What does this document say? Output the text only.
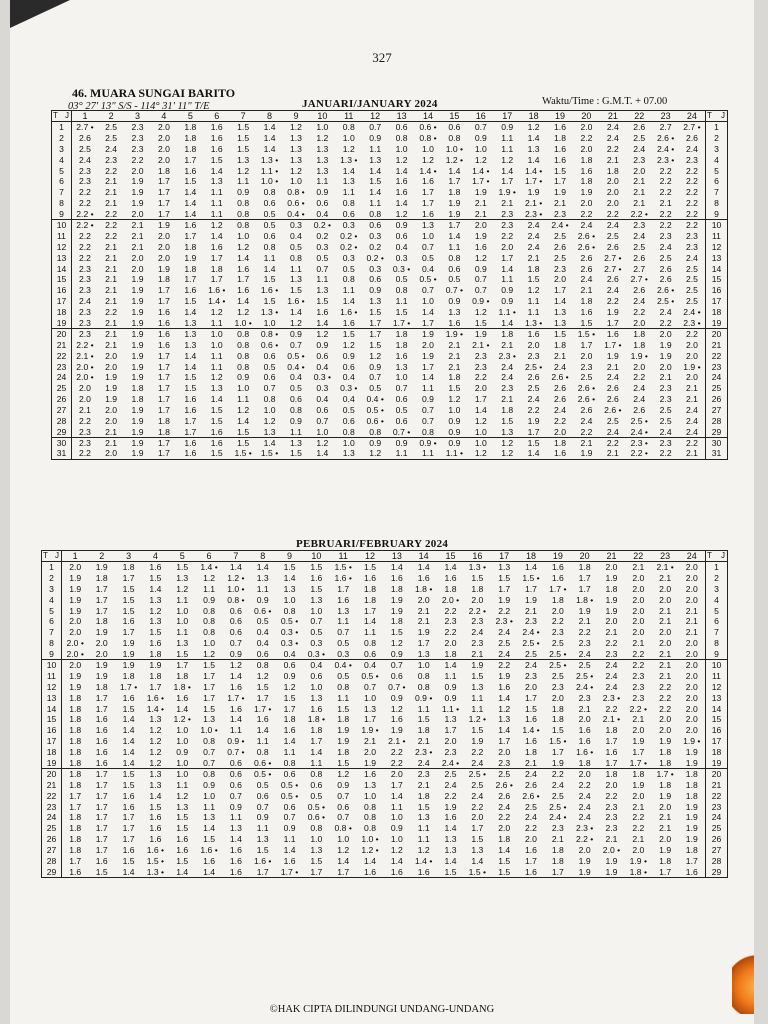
327
46. MUARA SUNGAI BARITO
03° 27' 13" S/S - 114° 31' 11" T/E	JANUARI/JANUARY 2024	Waktu/Time : G.M.T. + 07.00
J
T	1	2	3	4	5	6	7	8	9	10	11	12	13	14	15	16	17	18	19	20	21	22	23	24	J
T

1	2.7 •	2.5	2.3	2.0	1.8	1.6	1.5	1.4	1.2	1.0	0.8	0.7	0.6	0.6 •	0.6	0.7	0.9	1.2	1.6	2.0	2.4	2.6	2.7	2.7 •	1
2	2.6	2.5	2.3	2.0	1.8	1.6	1.5	1.4	1.3	1.2	1.0	0.9	0.8	0.8 •	0.8	0.9	1.1	1.4	1.8	2.2	2.4	2.5	2.6 •	2.6	2
3	2.5	2.4	2.3	2.0	1.8	1.6	1.5	1.4	1.3	1.3	1.2	1.1	1.0	1.0	1.0 •	1.0	1.1	1.3	1.6	2.0	2.2	2.4	2.4 •	2.4	3
4	2.4	2.3	2.2	2.0	1.7	1.5	1.3	1.3 •	1.3	1.3	1.3 •	1.3	1.2	1.2	1.2 •	1.2	1.2	1.4	1.6	1.8	2.1	2.3	2.3 •	2.3	4
5	2.3	2.2	2.0	1.8	1.6	1.4	1.2	1.1 •	1.2	1.3	1.4	1.4	1.4	1.4 •	1.4	1.4 •	1.4	1.4 •	1.5	1.6	1.8	2.0	2.2	2.2	5
6	2.3	2.1	1.9	1.7	1.5	1.3	1.1	1.0 •	1.0	1.1	1.3	1.5	1.6	1.6	1.7	1.7 •	1.7	1.7 •	1.7	1.8	2.0	2.1	2.2	2.2	6
7	2.2	2.1	1.9	1.7	1.4	1.1	0.9	0.8	0.8 •	0.9	1.1	1.4	1.6	1.7	1.8	1.9	1.9 •	1.9	1.9	1.9	2.0	2.1	2.2	2.2	7
8	2.2	2.1	1.9	1.7	1.4	1.1	0.8	0.6	0.6 •	0.6	0.8	1.1	1.4	1.7	1.9	2.1	2.1	2.1 •	2.1	2.0	2.0	2.1	2.1	2.2	8
9	2.2 •	2.2	2.0	1.7	1.4	1.1	0.8	0.5	0.4 •	0.4	0.6	0.8	1.2	1.6	1.9	2.1	2.3	2.3 •	2.3	2.2	2.2	2.2 •	2.2	2.2	9
10	2.2 •	2.2	2.1	1.9	1.6	1.2	0.8	0.5	0.3	0.2 •	0.3	0.6	0.9	1.3	1.7	2.0	2.3	2.4	2.4 •	2.4	2.4	2.3	2.2	2.2	10
11	2.2	2.2	2.1	2.0	1.7	1.4	1.0	0.6	0.4	0.2	0.2 •	0.3	0.6	1.0	1.4	1.9	2.2	2.4	2.5	2.6 •	2.5	2.4	2.3	2.3	11
12	2.2	2.1	2.1	2.0	1.8	1.6	1.2	0.8	0.5	0.3	0.2 •	0.2	0.4	0.7	1.1	1.6	2.0	2.4	2.6	2.6 •	2.6	2.5	2.4	2.3	12
13	2.2	2.1	2.0	2.0	1.9	1.7	1.4	1.1	0.8	0.5	0.3	0.2 •	0.3	0.5	0.8	1.2	1.7	2.1	2.5	2.6	2.7 •	2.6	2.5	2.4	13
14	2.3	2.1	2.0	1.9	1.8	1.8	1.6	1.4	1.1	0.7	0.5	0.3	0.3 •	0.4	0.6	0.9	1.4	1.8	2.3	2.6	2.7 •	2.7	2.6	2.5	14
15	2.3	2.1	1.9	1.8	1.7	1.7	1.7	1.5	1.3	1.1	0.8	0.6	0.5	0.5 •	0.5	0.7	1.1	1.5	2.0	2.4	2.6	2.7 •	2.6	2.5	15
16	2.3	2.1	1.9	1.7	1.6	1.6 •	1.6	1.6 •	1.5	1.3	1.1	0.9	0.8	0.7	0.7 •	0.7	0.9	1.2	1.7	2.1	2.4	2.6	2.6 •	2.5	16
17	2.4	2.1	1.9	1.7	1.5	1.4 •	1.4	1.5	1.6 •	1.5	1.4	1.3	1.1	1.0	0.9	0.9 •	0.9	1.1	1.4	1.8	2.2	2.4	2.5 •	2.5	17
18	2.3	2.2	1.9	1.6	1.4	1.2	1.2	1.3 •	1.4	1.6	1.6 •	1.5	1.5	1.4	1.3	1.2	1.1 •	1.1	1.3	1.6	1.9	2.2	2.4	2.4 •	18
19	2.3	2.1	1.9	1.6	1.3	1.1	1.0 •	1.0	1.2	1.4	1.6	1.7	1.7 •	1.7	1.6	1.5	1.4	1.3 •	1.3	1.5	1.7	2.0	2.2	2.3 •	19
20	2.3	2.1	1.9	1.6	1.3	1.0	0.8	0.8 •	0.9	1.2	1.5	1.7	1.8	1.9	1.9 •	1.9	1.8	1.6	1.5	1.5 •	1.6	1.8	2.0	2.2	20
21	2.2 •	2.1	1.9	1.6	1.3	1.0	0.8	0.6 •	0.7	0.9	1.2	1.5	1.8	2.0	2.1	2.1 •	2.1	2.0	1.8	1.7	1.7 •	1.8	1.9	2.0	21
22	2.1 •	2.0	1.9	1.7	1.4	1.1	0.8	0.6	0.5 •	0.6	0.9	1.2	1.6	1.9	2.1	2.3	2.3 •	2.3	2.1	2.0	1.9	1.9 •	1.9	2.0	22
23	2.0 •	2.0	1.9	1.7	1.4	1.1	0.8	0.5	0.4 •	0.4	0.6	0.9	1.3	1.7	2.1	2.3	2.4	2.5 •	2.4	2.3	2.1	2.0	2.0	1.9 •	23
24	2.0 •	1.9	1.9	1.7	1.5	1.2	0.9	0.6	0.4	0.3 •	0.4	0.7	1.0	1.4	1.8	2.2	2.4	2.6	2.6 •	2.5	2.4	2.2	2.1	2.0	24
25	2.0	1.9	1.8	1.7	1.5	1.3	1.0	0.7	0.5	0.3	0.3 •	0.5	0.7	1.1	1.5	2.0	2.3	2.5	2.6	2.6 •	2.6	2.4	2.3	2.1	25
26	2.0	1.9	1.8	1.7	1.6	1.4	1.1	0.8	0.6	0.4	0.4	0.4 •	0.6	0.9	1.2	1.7	2.1	2.4	2.6	2.6 •	2.6	2.4	2.3	2.1	26
27	2.1	2.0	1.9	1.7	1.6	1.5	1.2	1.0	0.8	0.6	0.5	0.5 •	0.5	0.7	1.0	1.4	1.8	2.2	2.4	2.6	2.6 •	2.6	2.5	2.4	27
28	2.2	2.0	1.9	1.8	1.7	1.5	1.4	1.2	0.9	0.7	0.6	0.6 •	0.6	0.7	0.9	1.2	1.5	1.9	2.2	2.4	2.5	2.5 •	2.5	2.4	28
29	2.3	2.1	1.9	1.8	1.7	1.6	1.5	1.3	1.1	1.0	0.8	0.8	0.7 •	0.8	0.9	1.0	1.3	1.7	2.0	2.2	2.4	2.4 •	2.4	2.4	29
30	2.3	2.1	1.9	1.7	1.6	1.6	1.5	1.4	1.3	1.2	1.0	0.9	0.9	0.9 •	0.9	1.0	1.2	1.5	1.8	2.1	2.2	2.3 •	2.3	2.2	30
31	2.2	2.0	1.9	1.7	1.6	1.5	1.5 •	1.5 •	1.5	1.4	1.3	1.2	1.1	1.1	1.1 •	1.2	1.2	1.4	1.6	1.9	2.1	2.2 •	2.2	2.1	31
PEBRUARI/FEBRUARY 2024
J
T	1	2	3	4	5	6	7	8	9	10	11	12	13	14	15	16	17	18	19	20	21	22	23	24	J
T

1	2.0	1.9	1.8	1.6	1.5	1.4 •	1.4	1.4	1.5	1.5	1.5 •	1.5	1.4	1.4	1.4	1.3 •	1.3	1.4	1.6	1.8	2.0	2.1	2.1 •	2.0	1
2	1.9	1.8	1.7	1.5	1.3	1.2	1.2 •	1.3	1.4	1.6	1.6 •	1.6	1.6	1.6	1.6	1.5	1.5	1.5 •	1.6	1.7	1.9	2.0	2.1	2.0	2
3	1.9	1.7	1.5	1.4	1.2	1.1	1.0 •	1.1	1.3	1.5	1.7	1.8	1.8	1.8 •	1.8	1.8	1.7	1.7	1.7 •	1.7	1.8	2.0	2.0	2.0	3
4	1.9	1.7	1.5	1.3	1.1	0.9	0.8 •	0.9	1.0	1.3	1.6	1.8	1.9	2.0	2.0 •	2.0	1.9	1.9	1.8	1.8 •	1.9	2.0	2.0	2.0	4
5	1.9	1.7	1.5	1.2	1.0	0.8	0.6	0.6 •	0.8	1.0	1.3	1.7	1.9	2.1	2.2	2.2 •	2.2	2.1	2.0	1.9	1.9	2.0	2.1	2.1	5
6	2.0	1.8	1.6	1.3	1.0	0.8	0.6	0.5	0.5 •	0.7	1.1	1.4	1.8	2.1	2.3	2.3	2.3 •	2.3	2.2	2.1	2.0	2.0	2.1	2.1	6
7	2.0	1.9	1.7	1.5	1.1	0.8	0.6	0.4	0.3 •	0.5	0.7	1.1	1.5	1.9	2.2	2.4	2.4	2.4 •	2.3	2.2	2.1	2.0	2.0	2.1	7
8	2.0 •	2.0	1.9	1.6	1.3	1.0	0.7	0.4	0.3 •	0.3	0.5	0.8	1.2	1.7	2.0	2.3	2.5	2.5 •	2.5	2.3	2.2	2.1	2.0	2.0	8
9	2.0 •	2.0	1.9	1.8	1.5	1.2	0.9	0.6	0.4	0.3 •	0.3	0.6	0.9	1.3	1.8	2.1	2.4	2.5	2.5 •	2.4	2.3	2.2	2.1	2.0	9
10	2.0	1.9	1.9	1.9	1.7	1.5	1.2	0.8	0.6	0.4	0.4 •	0.4	0.7	1.0	1.4	1.9	2.2	2.4	2.5 •	2.5	2.4	2.2	2.1	2.0	10
11	1.9	1.9	1.8	1.8	1.8	1.7	1.4	1.2	0.9	0.6	0.5	0.5 •	0.6	0.8	1.1	1.5	1.9	2.3	2.5	2.5 •	2.4	2.3	2.1	2.0	11
12	1.9	1.8	1.7 •	1.7	1.8 •	1.7	1.6	1.5	1.2	1.0	0.8	0.7	0.7 •	0.8	0.9	1.3	1.6	2.0	2.3	2.4 •	2.4	2.3	2.2	2.0	12
13	1.8	1.7	1.6	1.6 •	1.6	1.7	1.7 •	1.7	1.5	1.3	1.1	1.0	0.9	0.9 •	0.9	1.1	1.4	1.7	2.0	2.3	2.3 •	2.3	2.2	2.0	13
14	1.8	1.7	1.5	1.4 •	1.4	1.5	1.6	1.7 •	1.7	1.6	1.5	1.3	1.2	1.1	1.1 •	1.1	1.2	1.5	1.8	2.1	2.2	2.2 •	2.2	2.0	14
15	1.8	1.6	1.4	1.3	1.2 •	1.3	1.4	1.6	1.8	1.8 •	1.8	1.7	1.6	1.5	1.3	1.2 •	1.3	1.6	1.8	2.0	2.1 •	2.1	2.0	2.0	15
16	1.8	1.6	1.4	1.2	1.0	1.0 •	1.1	1.4	1.6	1.8	1.9	1.9 •	1.9	1.8	1.7	1.5	1.4	1.4 •	1.5	1.6	1.8	2.0	2.0	2.0	16
17	1.8	1.6	1.4	1.2	1.0	0.8	0.9 •	1.1	1.4	1.7	1.9	2.1	2.1 •	2.1	2.0	1.9	1.7	1.6	1.5 •	1.6	1.7	1.9	1.9	1.9 •	17
18	1.8	1.6	1.4	1.2	0.9	0.7	0.7 •	0.8	1.1	1.4	1.8	2.0	2.2	2.3 •	2.3	2.2	2.0	1.8	1.7	1.6 •	1.6	1.7	1.8	1.9	18
19	1.8	1.6	1.4	1.2	1.0	0.7	0.6	0.6 •	0.8	1.1	1.5	1.9	2.2	2.4	2.4 •	2.4	2.3	2.1	1.9	1.8	1.7	1.7 •	1.8	1.9	19
20	1.8	1.7	1.5	1.3	1.0	0.8	0.6	0.5 •	0.6	0.8	1.2	1.6	2.0	2.3	2.5	2.5 •	2.5	2.4	2.2	2.0	1.8	1.8	1.7 •	1.8	20
21	1.8	1.7	1.5	1.3	1.1	0.9	0.6	0.5	0.5 •	0.6	0.9	1.3	1.7	2.1	2.4	2.5	2.6 •	2.6	2.4	2.2	2.0	1.9	1.8	1.8	21
22	1.7	1.7	1.6	1.4	1.2	1.0	0.7	0.6	0.5 •	0.5	0.7	1.0	1.4	1.8	2.2	2.4	2.6	2.6 •	2.5	2.4	2.2	2.0	1.9	1.8	22
23	1.7	1.7	1.6	1.5	1.3	1.1	0.9	0.7	0.6	0.5 •	0.6	0.8	1.1	1.5	1.9	2.2	2.4	2.5	2.5 •	2.4	2.3	2.1	2.0	1.9	23
24	1.8	1.7	1.7	1.6	1.5	1.3	1.1	0.9	0.7	0.6 •	0.7	0.8	1.0	1.3	1.6	2.0	2.2	2.4	2.4 •	2.4	2.3	2.2	2.1	1.9	24
25	1.8	1.7	1.7	1.6	1.5	1.4	1.3	1.1	0.9	0.8	0.8 •	0.8	0.9	1.1	1.4	1.7	2.0	2.2	2.3	2.3 •	2.3	2.2	2.1	1.9	25
26	1.8	1.7	1.7	1.6	1.6	1.5	1.4	1.3	1.1	1.0	1.0	1.0 •	1.0	1.1	1.3	1.5	1.8	2.0	2.1	2.2 •	2.1	2.1	2.0	1.9	26
27	1.8	1.7	1.6	1.6 •	1.6	1.6 •	1.6	1.5	1.4	1.3	1.2	1.2 •	1.2	1.2	1.3	1.3	1.4	1.6	1.8	2.0	2.0 •	2.0	1.9	1.8	27
28	1.7	1.6	1.5	1.5 •	1.5	1.6	1.6	1.6 •	1.6	1.5	1.4	1.4	1.4	1.4 •	1.4	1.4	1.5	1.7	1.8	1.9	1.9	1.9 •	1.8	1.7	28
29	1.6	1.5	1.4	1.3 •	1.4	1.4	1.6	1.7	1.7 •	1.7	1.7	1.6	1.6	1.6	1.5	1.5 •	1.5	1.6	1.7	1.9	1.9	1.8 •	1.7	1.6	29
©HAK CIPTA DILINDUNGI UNDANG-UNDANG
